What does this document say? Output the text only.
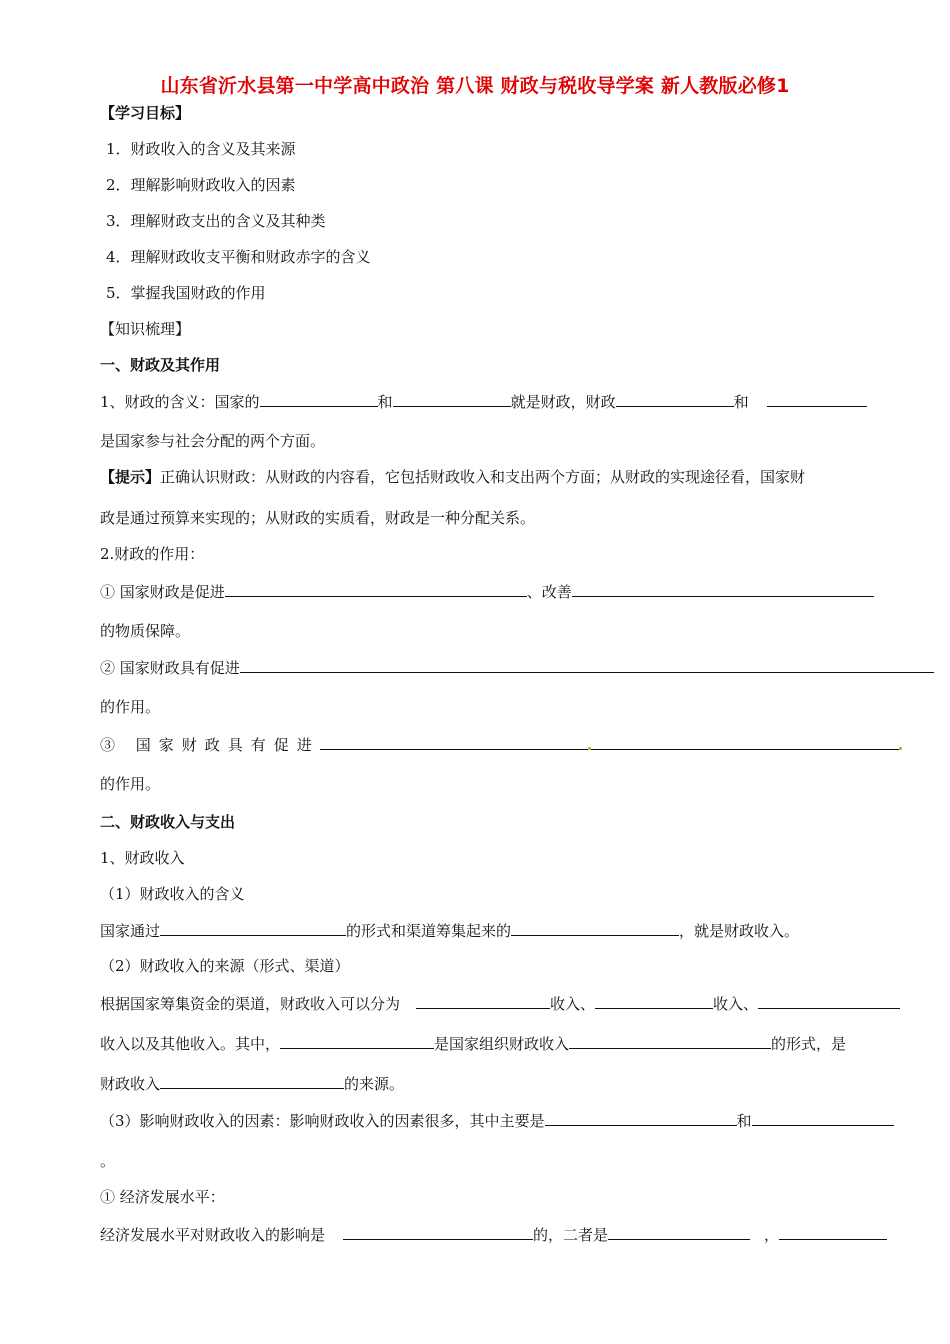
山东省沂水县第一中学高中政治 第八课 财政与税收导学案 新人教版必修1
【学习目标】
1．财政收入的含义及其来源
2．理解影响财政收入的因素
3．理解财政支出的含义及其种类
4．理解财政收支平衡和财政赤字的含义
5．掌握我国财政的作用
【知识梳理】
一、财政及其作用
1、财政的含义：国家的	和	就是财政，财政	和
是国家参与社会分配的两个方面。
【提示】正确认识财政：从财政的内容看，它包括财政收入和支出两个方面；从财政的实现途径看，国家财
政是通过预算来实现的；从财政的实质看，财政是一种分配关系。
2.财政的作用：
① 国家财政是促进	、改善
的物质保障。
② 国家财政具有促进
的作用。
③ 国家财政具有促进
的作用。
二、财政收入与支出
1、财政收入
（1）财政收入的含义
国家通过	的形式和渠道筹集起来的	，就是财政收入。
（2）财政收入的来源（形式、渠道）
根据国家筹集资金的渠道，财政收入可以分为	收入、	收入、
收入以及其他收入。其中，	是国家组织财政收入	的形式，是
财政收入	的来源。
（3）影响财政收入的因素：影响财政收入的因素很多，其中主要是	和
。
① 经济发展水平：
经济发展水平对财政收入的影响是	的，二者是	，
